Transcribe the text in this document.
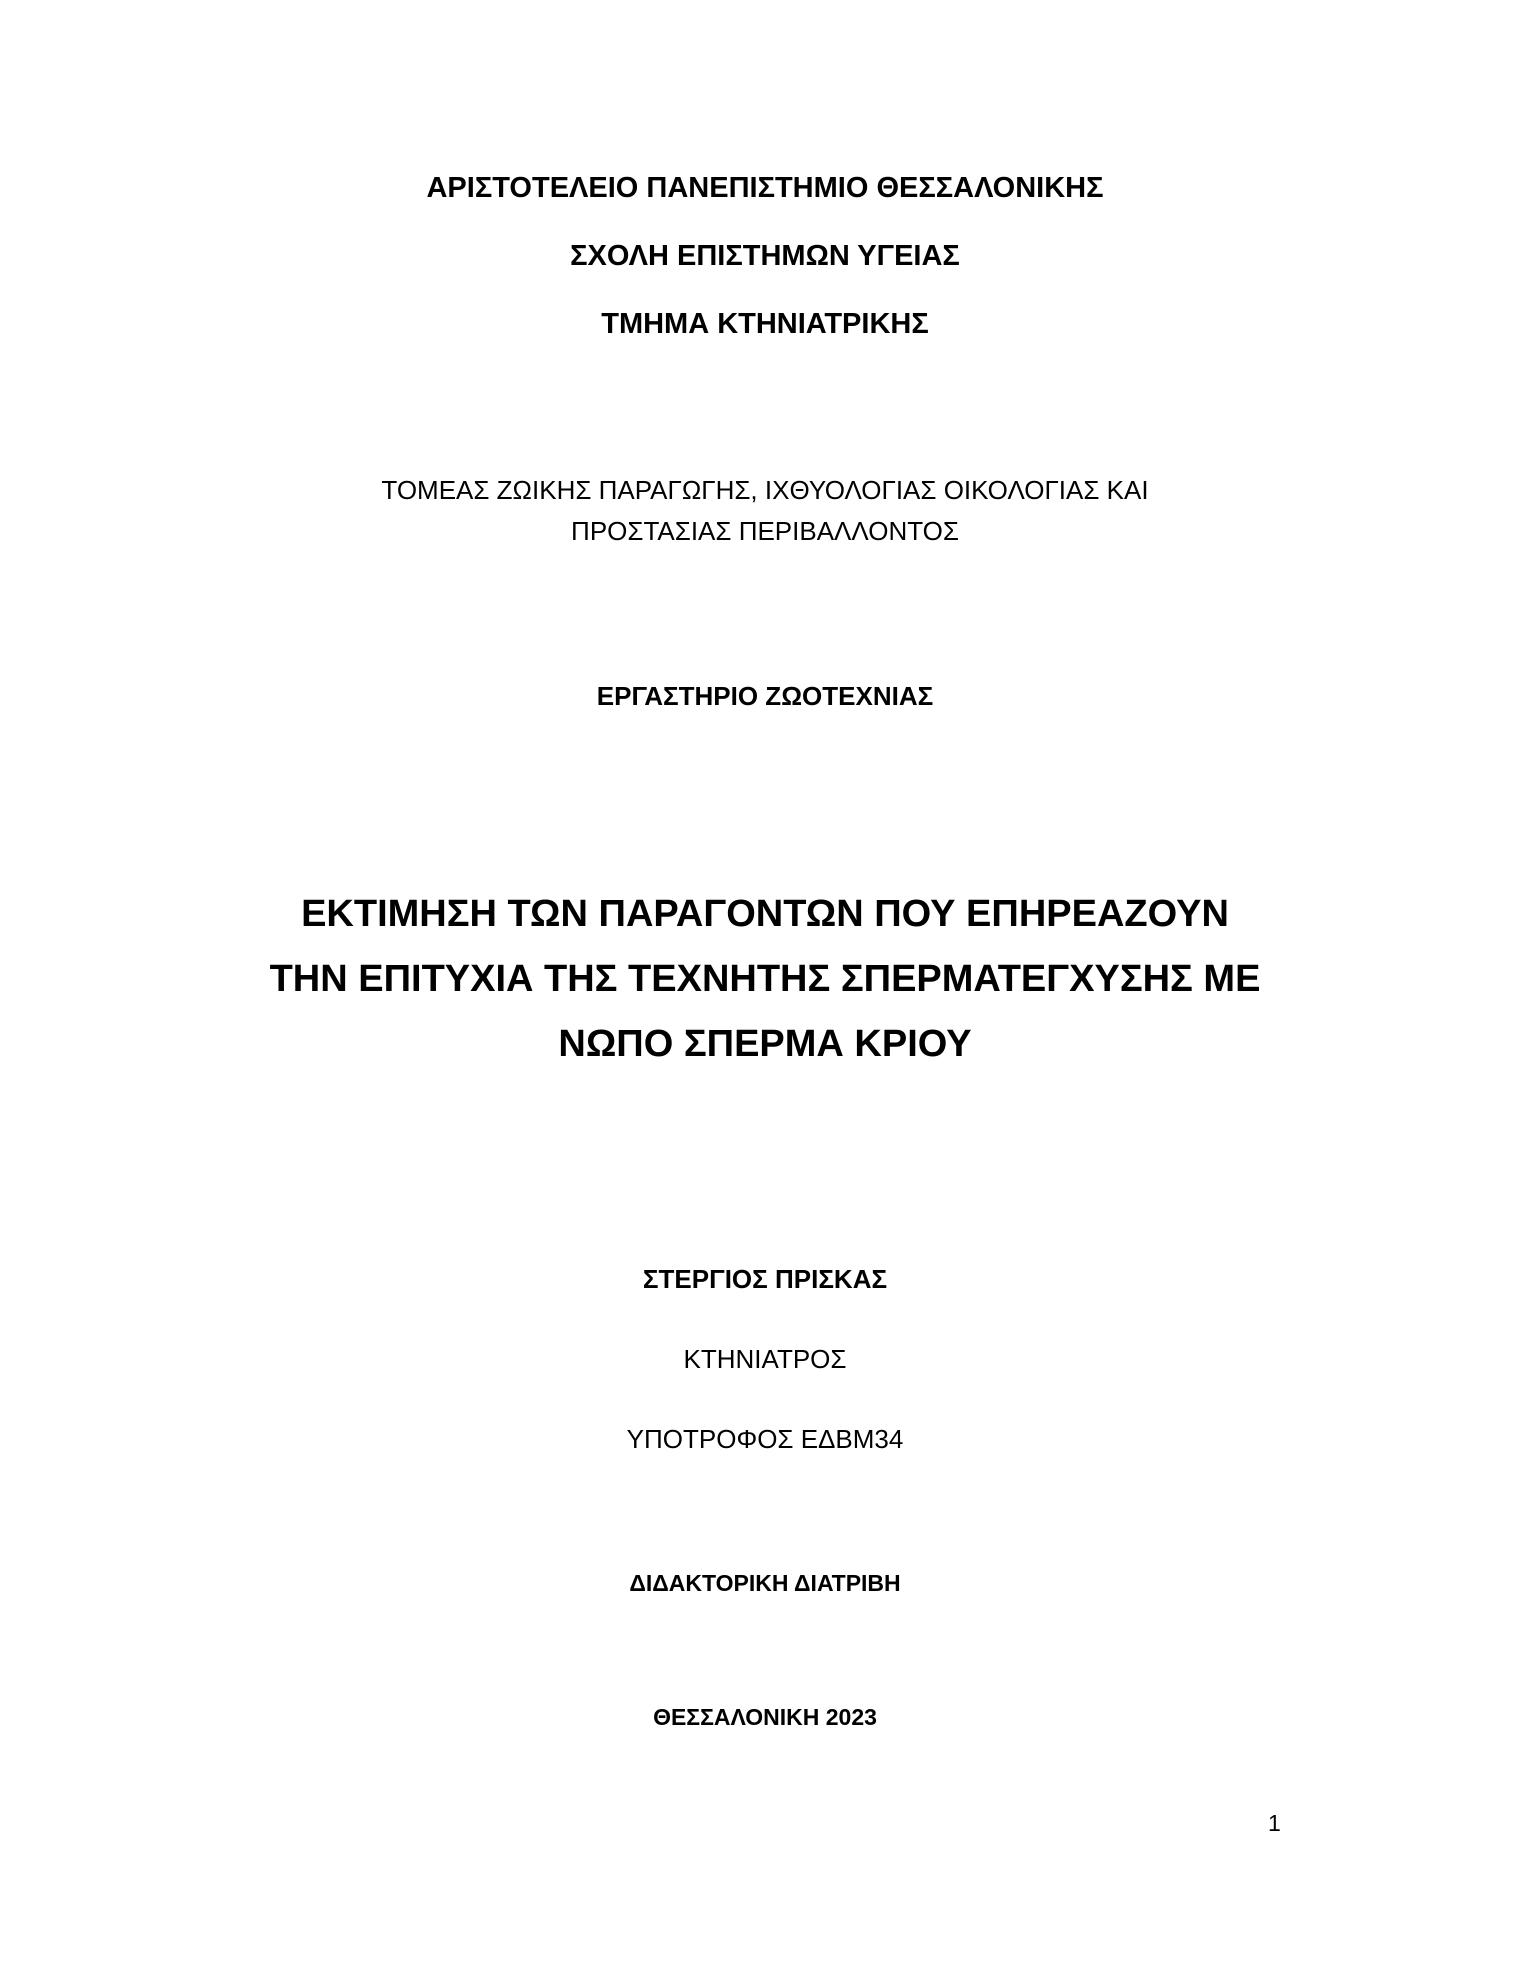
ΑΡΙΣΤΟΤΕΛΕΙΟ ΠΑΝΕΠΙΣΤΗΜΙΟ ΘΕΣΣΑΛΟΝΙΚΗΣ
ΣΧΟΛΗ ΕΠΙΣΤΗΜΩΝ ΥΓΕΙΑΣ
ΤΜΗΜΑ ΚΤΗΝΙΑΤΡΙΚΗΣ
ΤΟΜΕΑΣ ΖΩΙΚΗΣ ΠΑΡΑΓΩΓΗΣ, ΙΧΘΥΟΛΟΓΙΑΣ ΟΙΚΟΛΟΓΙΑΣ ΚΑΙ
ΠΡΟΣΤΑΣΙΑΣ ΠΕΡΙΒΑΛΛΟΝΤΟΣ
ΕΡΓΑΣΤΗΡΙΟ ΖΩΟΤΕΧΝΙΑΣ
ΕΚΤΙΜΗΣΗ ΤΩΝ ΠΑΡΑΓΟΝΤΩΝ ΠΟΥ ΕΠΗΡΕΑΖΟΥΝ
ΤΗΝ ΕΠΙΤΥΧΙΑ ΤΗΣ ΤΕΧΝΗΤΗΣ ΣΠΕΡΜΑΤΕΓΧΥΣΗΣ ΜΕ
ΝΩΠΟ ΣΠΕΡΜΑ ΚΡΙΟΥ
ΣΤΕΡΓΙΟΣ ΠΡΙΣΚΑΣ
ΚΤΗΝΙΑΤΡΟΣ
ΥΠΟΤΡΟΦΟΣ ΕΔΒΜ34
ΔΙΔΑΚΤΟΡΙΚΗ ΔΙΑΤΡΙΒΗ
ΘΕΣΣΑΛΟΝΙΚΗ 2023
1
